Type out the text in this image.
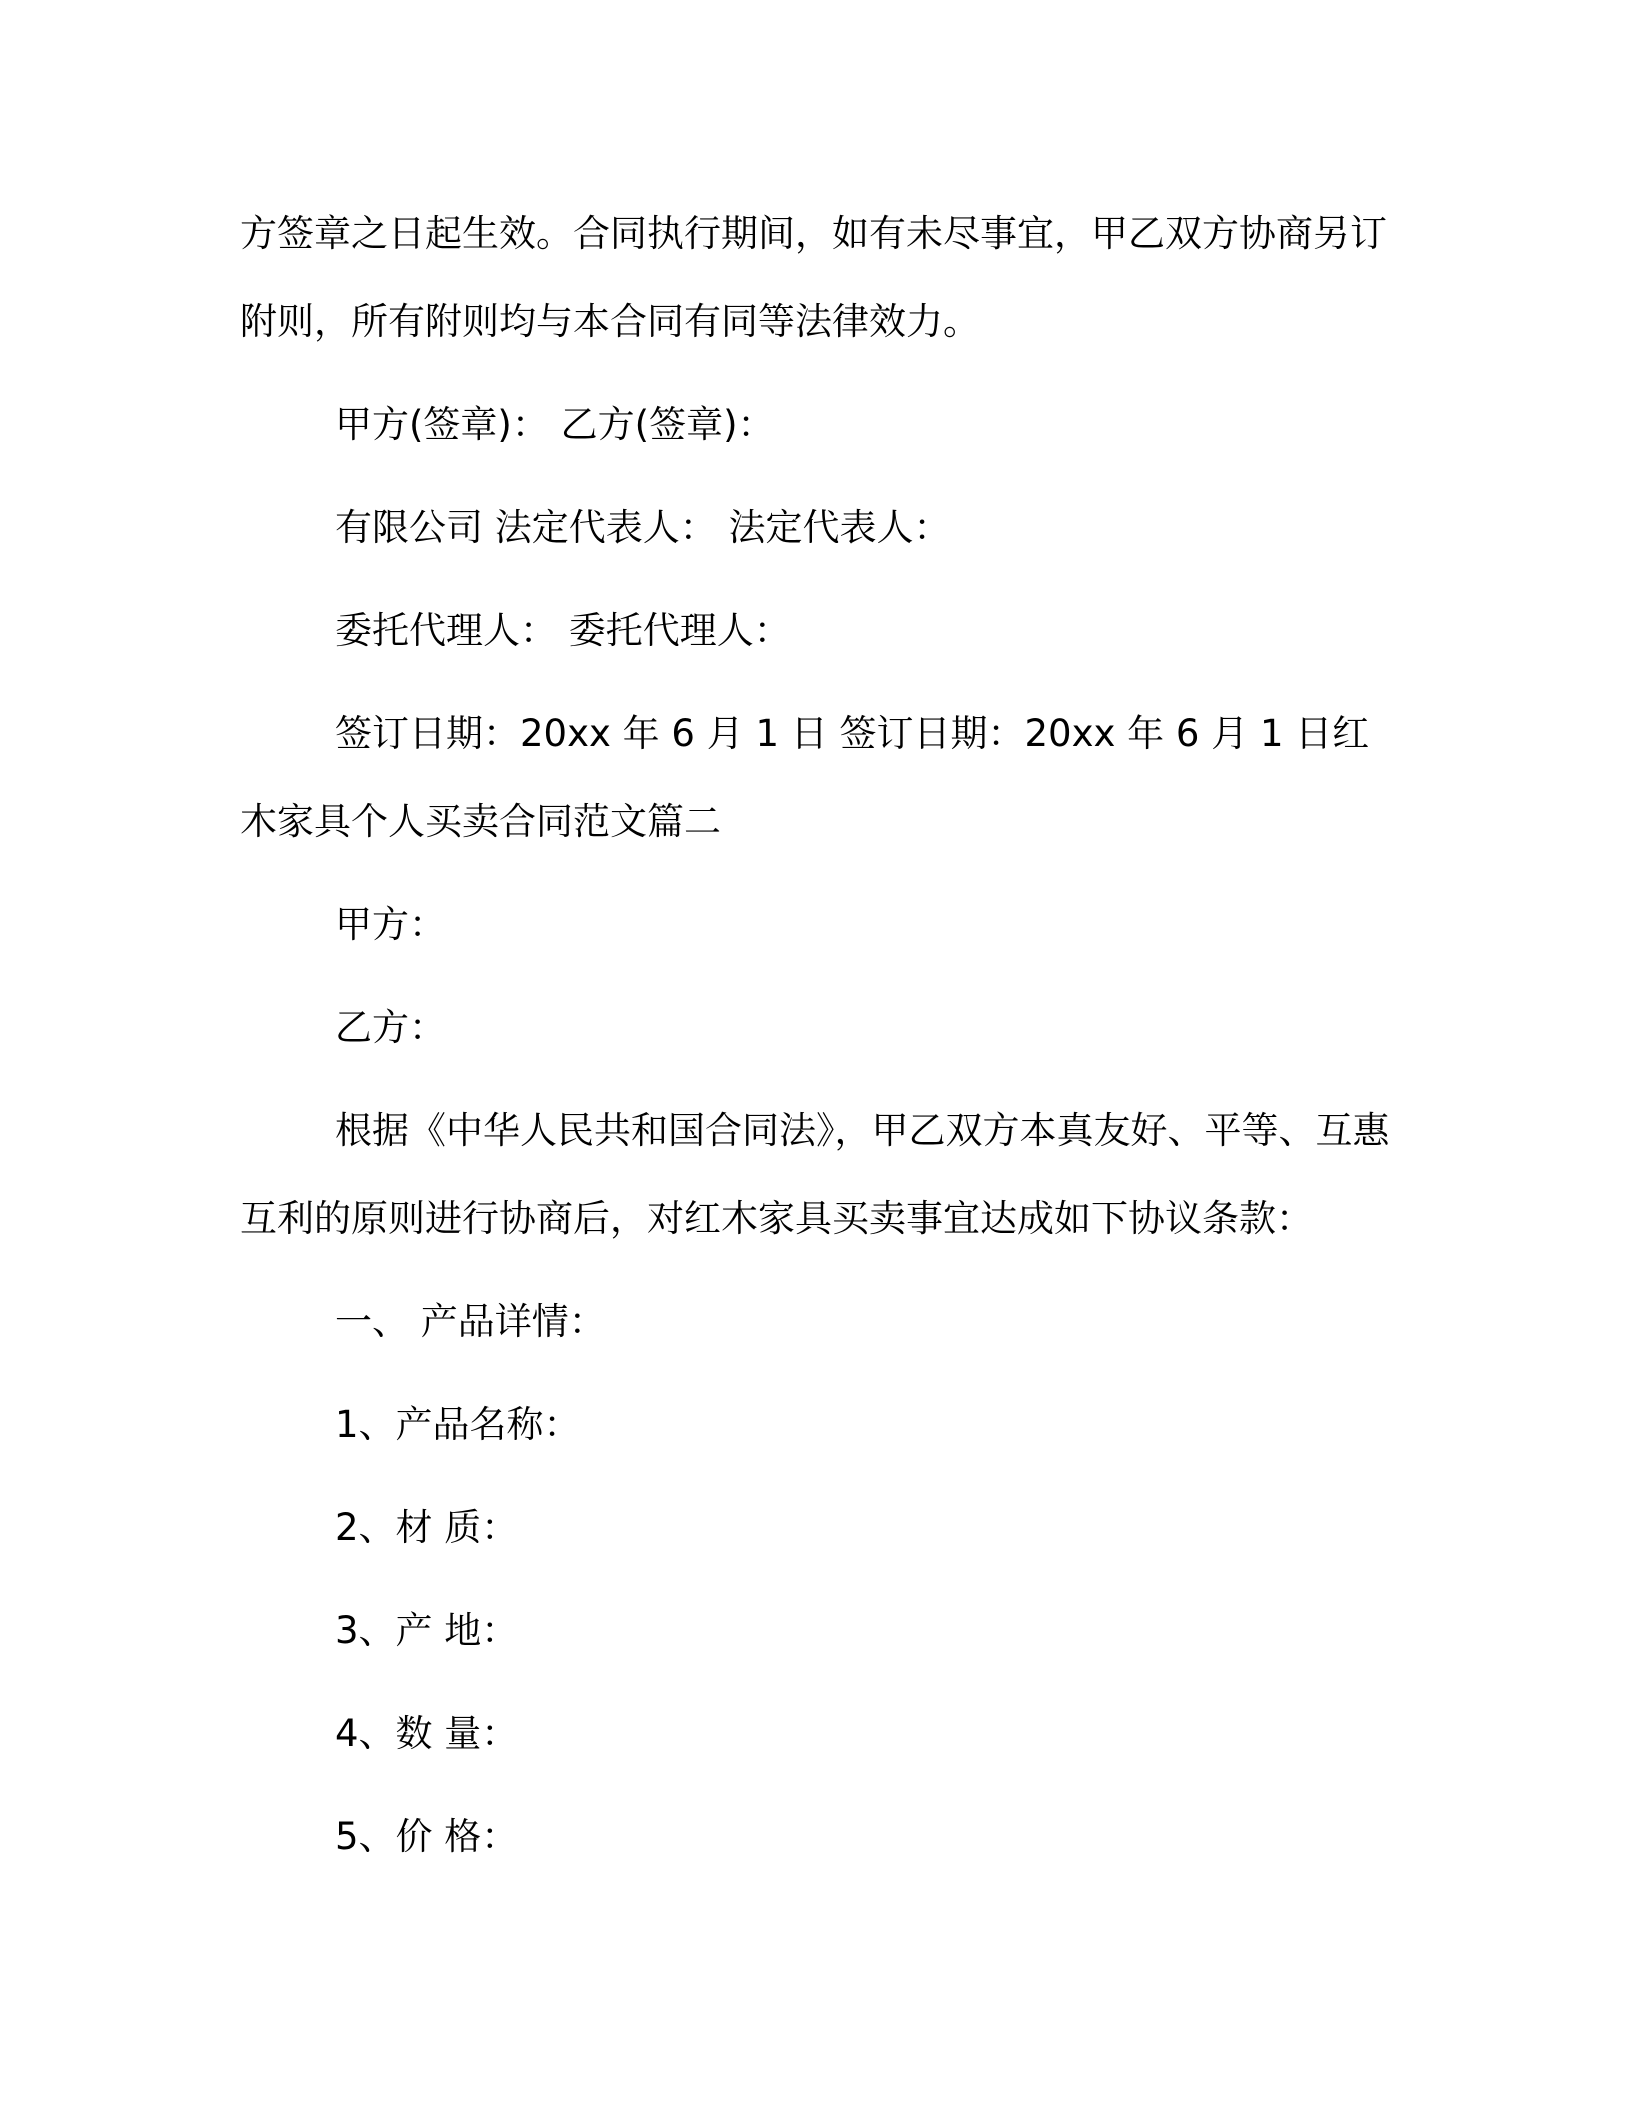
方签章之日起生效。合同执行期间，如有未尽事宜，甲乙双方协商另订附则，所有附则均与本合同有同等法律效力。

甲方(签章)： 乙方(签章)：

有限公司 法定代表人： 法定代表人：

委托代理人： 委托代理人：

签订日期：20xx 年 6 月 1 日 签订日期：20xx 年 6 月 1 日红木家具个人买卖合同范文篇二

甲方：

乙方：

根据《中华人民共和国合同法》，甲乙双方本真友好、平等、互惠互利的原则进行协商后，对红木家具买卖事宜达成如下协议条款：

一、 产品详情：

1、产品名称：

2、材 质：

3、产 地：

4、数 量：

5、价 格：
